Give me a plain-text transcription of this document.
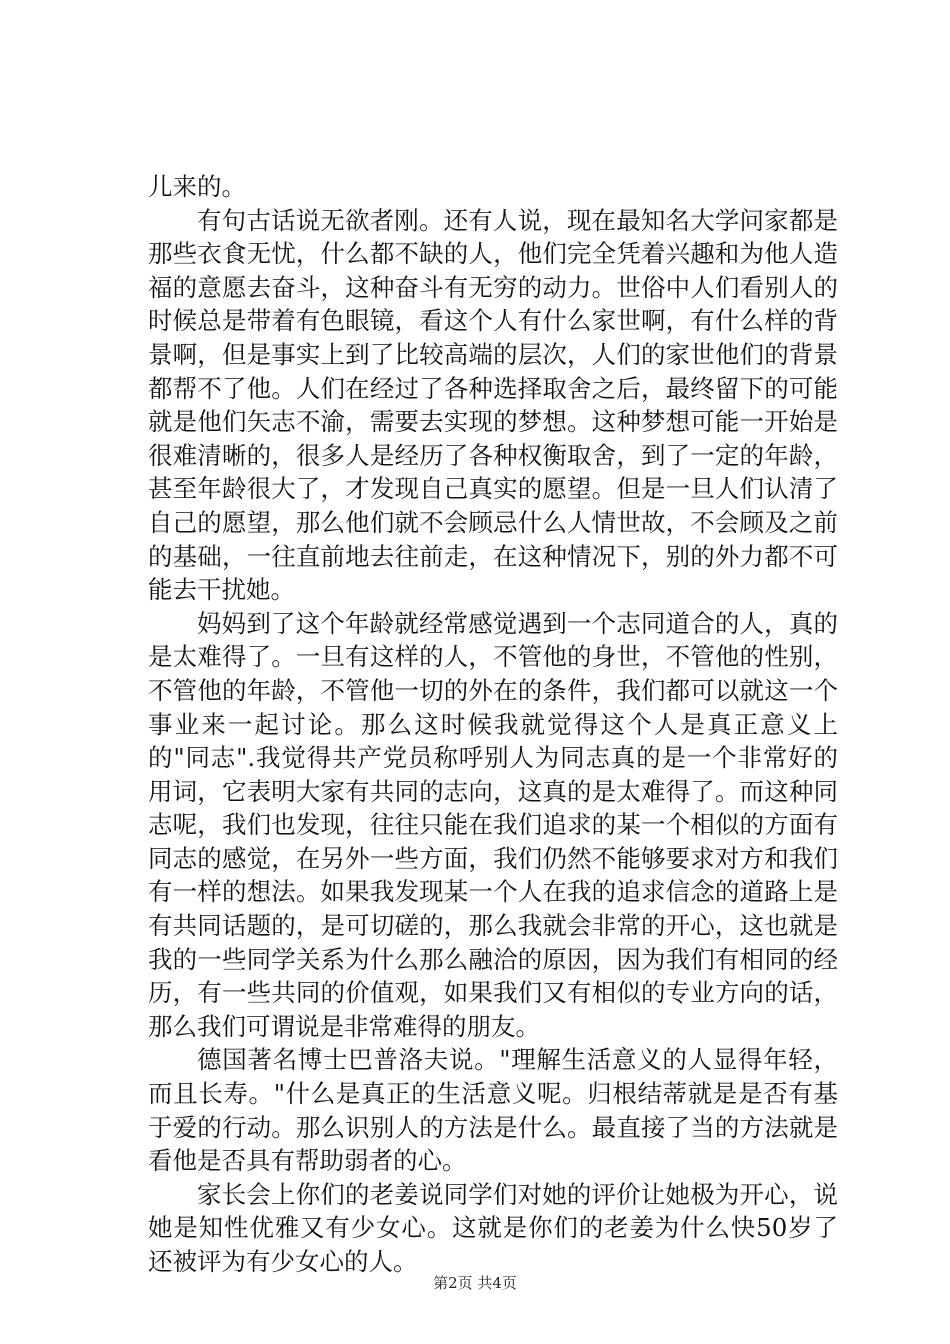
儿来的。

有句古话说无欲者刚。还有人说，现在最知名大学问家都是那些衣食无忧，什么都不缺的人，他们完全凭着兴趣和为他人造福的意愿去奋斗，这种奋斗有无穷的动力。世俗中人们看别人的时候总是带着有色眼镜，看这个人有什么家世啊，有什么样的背景啊，但是事实上到了比较高端的层次，人们的家世他们的背景都帮不了他。人们在经过了各种选择取舍之后，最终留下的可能就是他们矢志不渝，需要去实现的梦想。这种梦想可能一开始是很难清晰的，很多人是经历了各种权衡取舍，到了一定的年龄，甚至年龄很大了，才发现自己真实的愿望。但是一旦人们认清了自己的愿望，那么他们就不会顾忌什么人情世故，不会顾及之前的基础，一往直前地去往前走，在这种情况下，别的外力都不可能去干扰她。

妈妈到了这个年龄就经常感觉遇到一个志同道合的人，真的是太难得了。一旦有这样的人，不管他的身世，不管他的性别，不管他的年龄，不管他一切的外在的条件，我们都可以就这一个事业来一起讨论。那么这时候我就觉得这个人是真正意义上的"同志".我觉得共产党员称呼别人为同志真的是一个非常好的用词，它表明大家有共同的志向，这真的是太难得了。而这种同志呢，我们也发现，往往只能在我们追求的某一个相似的方面有同志的感觉，在另外一些方面，我们仍然不能够要求对方和我们有一样的想法。如果我发现某一个人在我的追求信念的道路上是有共同话题的，是可切磋的，那么我就会非常的开心，这也就是我的一些同学关系为什么那么融洽的原因，因为我们有相同的经历，有一些共同的价值观，如果我们又有相似的专业方向的话，那么我们可谓说是非常难得的朋友。

德国著名博士巴普洛夫说。"理解生活意义的人显得年轻，而且长寿。"什么是真正的生活意义呢。归根结蒂就是是否有基于爱的行动。那么识别人的方法是什么。最直接了当的方法就是看他是否具有帮助弱者的心。

家长会上你们的老姜说同学们对她的评价让她极为开心，说她是知性优雅又有少女心。这就是你们的老姜为什么快50岁了还被评为有少女心的人。

第2页 共4页
